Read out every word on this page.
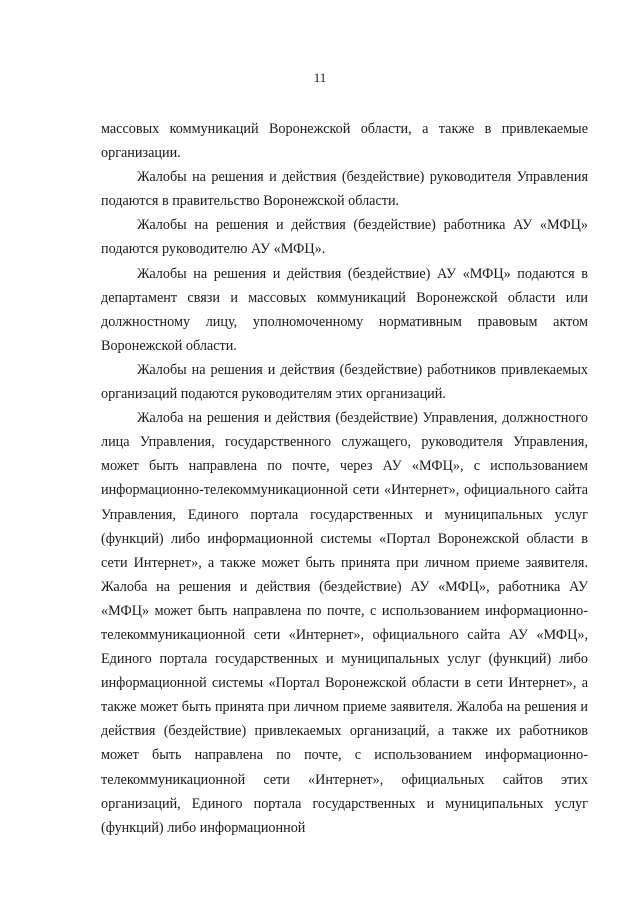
11

массовых коммуникаций Воронежской области, а также в привлекаемые организации.

Жалобы на решения и действия (бездействие) руководителя Управления подаются в правительство Воронежской области.

Жалобы на решения и действия (бездействие) работника АУ «МФЦ» подаются руководителю АУ «МФЦ».

Жалобы на решения и действия (бездействие) АУ «МФЦ» подаются в департамент связи и массовых коммуникаций Воронежской области или должностному лицу, уполномоченному нормативным правовым актом Воронежской области.

Жалобы на решения и действия (бездействие) работников привлекаемых организаций подаются руководителям этих организаций.

Жалоба на решения и действия (бездействие) Управления, должностного лица Управления, государственного служащего, руководителя Управления, может быть направлена по почте, через АУ «МФЦ», с использованием информационно-телекоммуникационной сети «Интернет», официального сайта Управления, Единого портала государственных и муниципальных услуг (функций) либо информационной системы «Портал Воронежской области в сети Интернет», а также может быть принята при личном приеме заявителя. Жалоба на решения и действия (бездействие) АУ «МФЦ», работника АУ «МФЦ» может быть направлена по почте, с использованием информационно-телекоммуникационной сети «Интернет», официального сайта АУ «МФЦ», Единого портала государственных и муниципальных услуг (функций) либо информационной системы «Портал Воронежской области в сети Интернет», а также может быть принята при личном приеме заявителя. Жалоба на решения и действия (бездействие) привлекаемых организаций, а также их работников может быть направлена по почте, с использованием информационно-телекоммуникационной сети «Интернет», официальных сайтов этих организаций, Единого портала государственных и муниципальных услуг (функций) либо информационной
